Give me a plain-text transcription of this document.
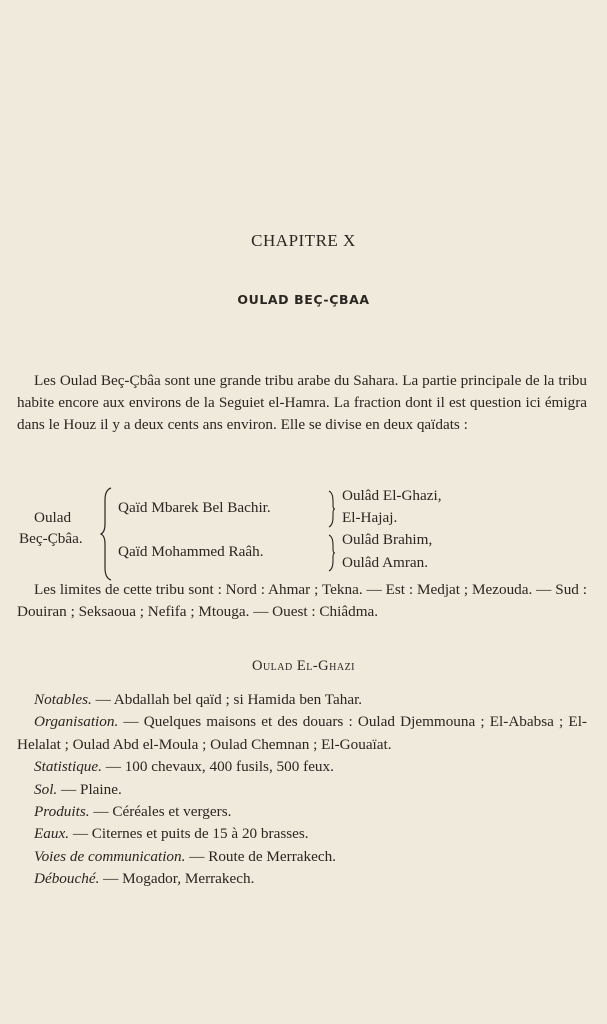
CHAPITRE X
OULAD BEÇ-ÇBAA

Les Oulad Beç-Çbâa sont une grande tribu arabe du Sahara. La partie principale de la tribu habite encore aux environs de la Seguiet el-Hamra. La fraction dont il est question ici émigra dans le Houz il y a deux cents ans environ. Elle se divise en deux qaïdats :

Oulad
Beç-Çbâa.
Qaïd Mbarek Bel Bachir.
Qaïd Mohammed Raâh.
Oulâd El-Ghazi,
El-Hajaj.
Oulâd Brahim,
Oulâd Amran.

Les limites de cette tribu sont : Nord : Ahmar ; Tekna. — Est : Medjat ; Mezouda. — Sud : Douiran ; Seksaoua ; Nefifa ; Mtouga. — Ouest : Chiâdma.

Oulad El-Ghazi

Notables. — Abdallah bel qaïd ; si Hamida ben Tahar.

Organisation. — Quelques maisons et des douars : Oulad Djemmouna ; El-Ababsa ; El-Helalat ; Oulad Abd el-Moula ; Oulad Chemnan ; El-Gouaïat.

Statistique. — 100 chevaux, 400 fusils, 500 feux.

Sol. — Plaine.

Produits. — Céréales et vergers.

Eaux. — Citernes et puits de 15 à 20 brasses.

Voies de communication. — Route de Merrakech.

Débouché. — Mogador, Merrakech.
